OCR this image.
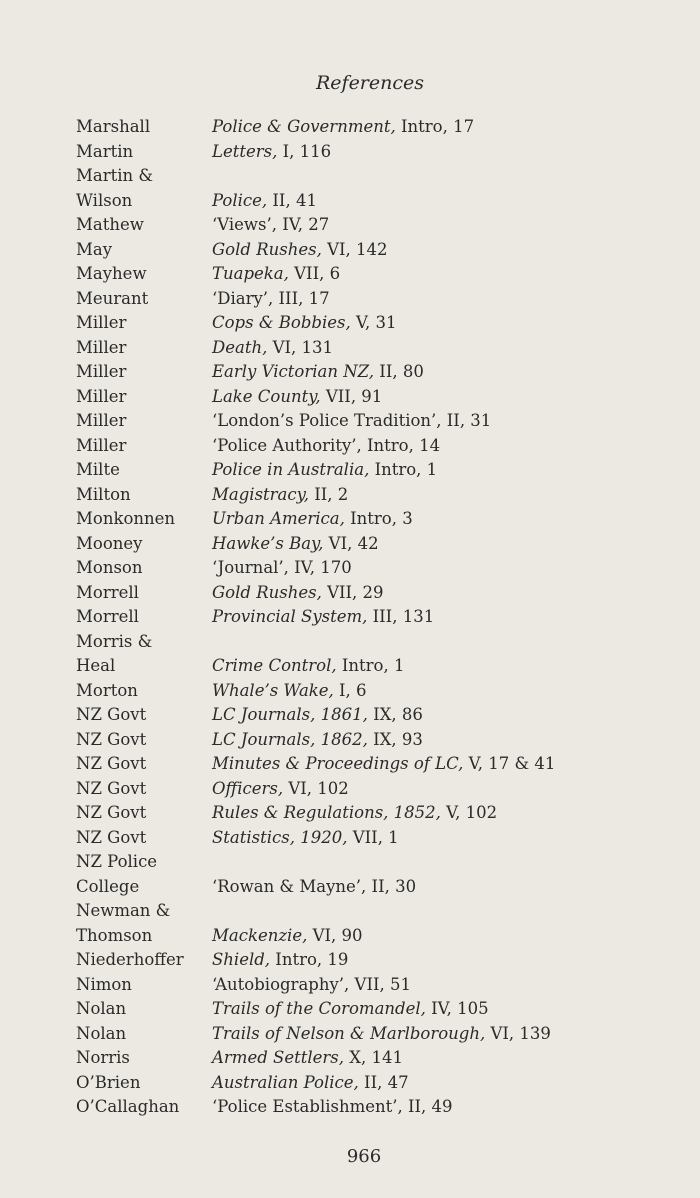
References
Marshall	Police & Government, Intro, 17
Martin	Letters, I, 116
Martin &
Wilson	Police, II, 41
Mathew	‘Views’, IV, 27
May	Gold Rushes, VI, 142
Mayhew	Tuapeka, VII, 6
Meurant	‘Diary’, III, 17
Miller	Cops & Bobbies, V, 31
Miller	Death, VI, 131
Miller	Early Victorian NZ, II, 80
Miller	Lake County, VII, 91
Miller	‘London’s Police Tradition’, II, 31
Miller	‘Police Authority’, Intro, 14
Milte	Police in Australia, Intro, 1
Milton	Magistracy, II, 2
Monkonnen	Urban America, Intro, 3
Mooney	Hawke’s Bay, VI, 42
Monson	‘Journal’, IV, 170
Morrell	Gold Rushes, VII, 29
Morrell	Provincial System, III, 131
Morris &
Heal	Crime Control, Intro, 1
Morton	Whale’s Wake, I, 6
NZ Govt	LC Journals, 1861, IX, 86
NZ Govt	LC Journals, 1862, IX, 93
NZ Govt	Minutes & Proceedings of LC, V, 17 & 41
NZ Govt	Officers, VI, 102
NZ Govt	Rules & Regulations, 1852, V, 102
NZ Govt	Statistics, 1920, VII, 1
NZ Police
College	‘Rowan & Mayne’, II, 30
Newman &
Thomson	Mackenzie, VI, 90
Niederhoffer	Shield, Intro, 19
Nimon	‘Autobiography’, VII, 51
Nolan	Trails of the Coromandel, IV, 105
Nolan	Trails of Nelson & Marlborough, VI, 139
Norris	Armed Settlers, X, 141
O’Brien	Australian Police, II, 47
O’Callaghan	‘Police Establishment’, II, 49
966
